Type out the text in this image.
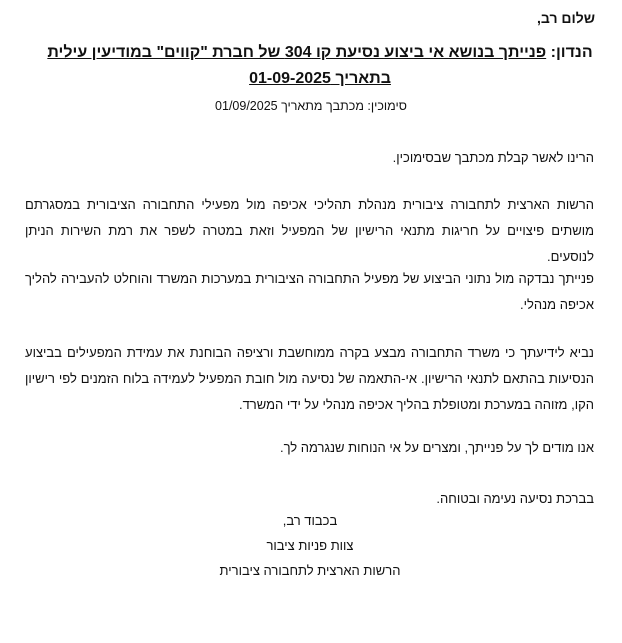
שלום רב,
הנדון: פנייתך בנושא אי ביצוע נסיעת קו 304 של חברת "קווים" במודיעין עילית בתאריך 01-09-2025
סימוכין: מכתבך מתאריך 01/09/2025
הרינו לאשר קבלת מכתבך שבסימוכין.
הרשות הארצית לתחבורה ציבורית מנהלת תהליכי אכיפה מול מפעילי התחבורה הציבורית במסגרתם מושתים פיצויים על חריגות מתנאי הרישיון של המפעיל וזאת במטרה לשפר את רמת השירות הניתן לנוסעים.
פנייתך נבדקה מול נתוני הביצוע של מפעיל התחבורה הציבורית במערכות המשרד והוחלט להעבירה להליך אכיפה מנהלי.
נביא לידיעתך כי משרד התחבורה מבצע בקרה ממוחשבת ורציפה הבוחנת את עמידת המפעילים בביצוע הנסיעות בהתאם לתנאי הרישיון. אי-התאמה של נסיעה מול חובת המפעיל לעמידה בלוח הזמנים לפי רישיון הקו, מזוהה במערכת ומטופלת בהליך אכיפה מנהלי על ידי המשרד.
אנו מודים לך על פנייתך, ומצרים על אי הנוחות שנגרמה לך.
בברכת נסיעה נעימה ובטוחה.
בכבוד רב,
צוות פניות ציבור
הרשות הארצית לתחבורה ציבורית
